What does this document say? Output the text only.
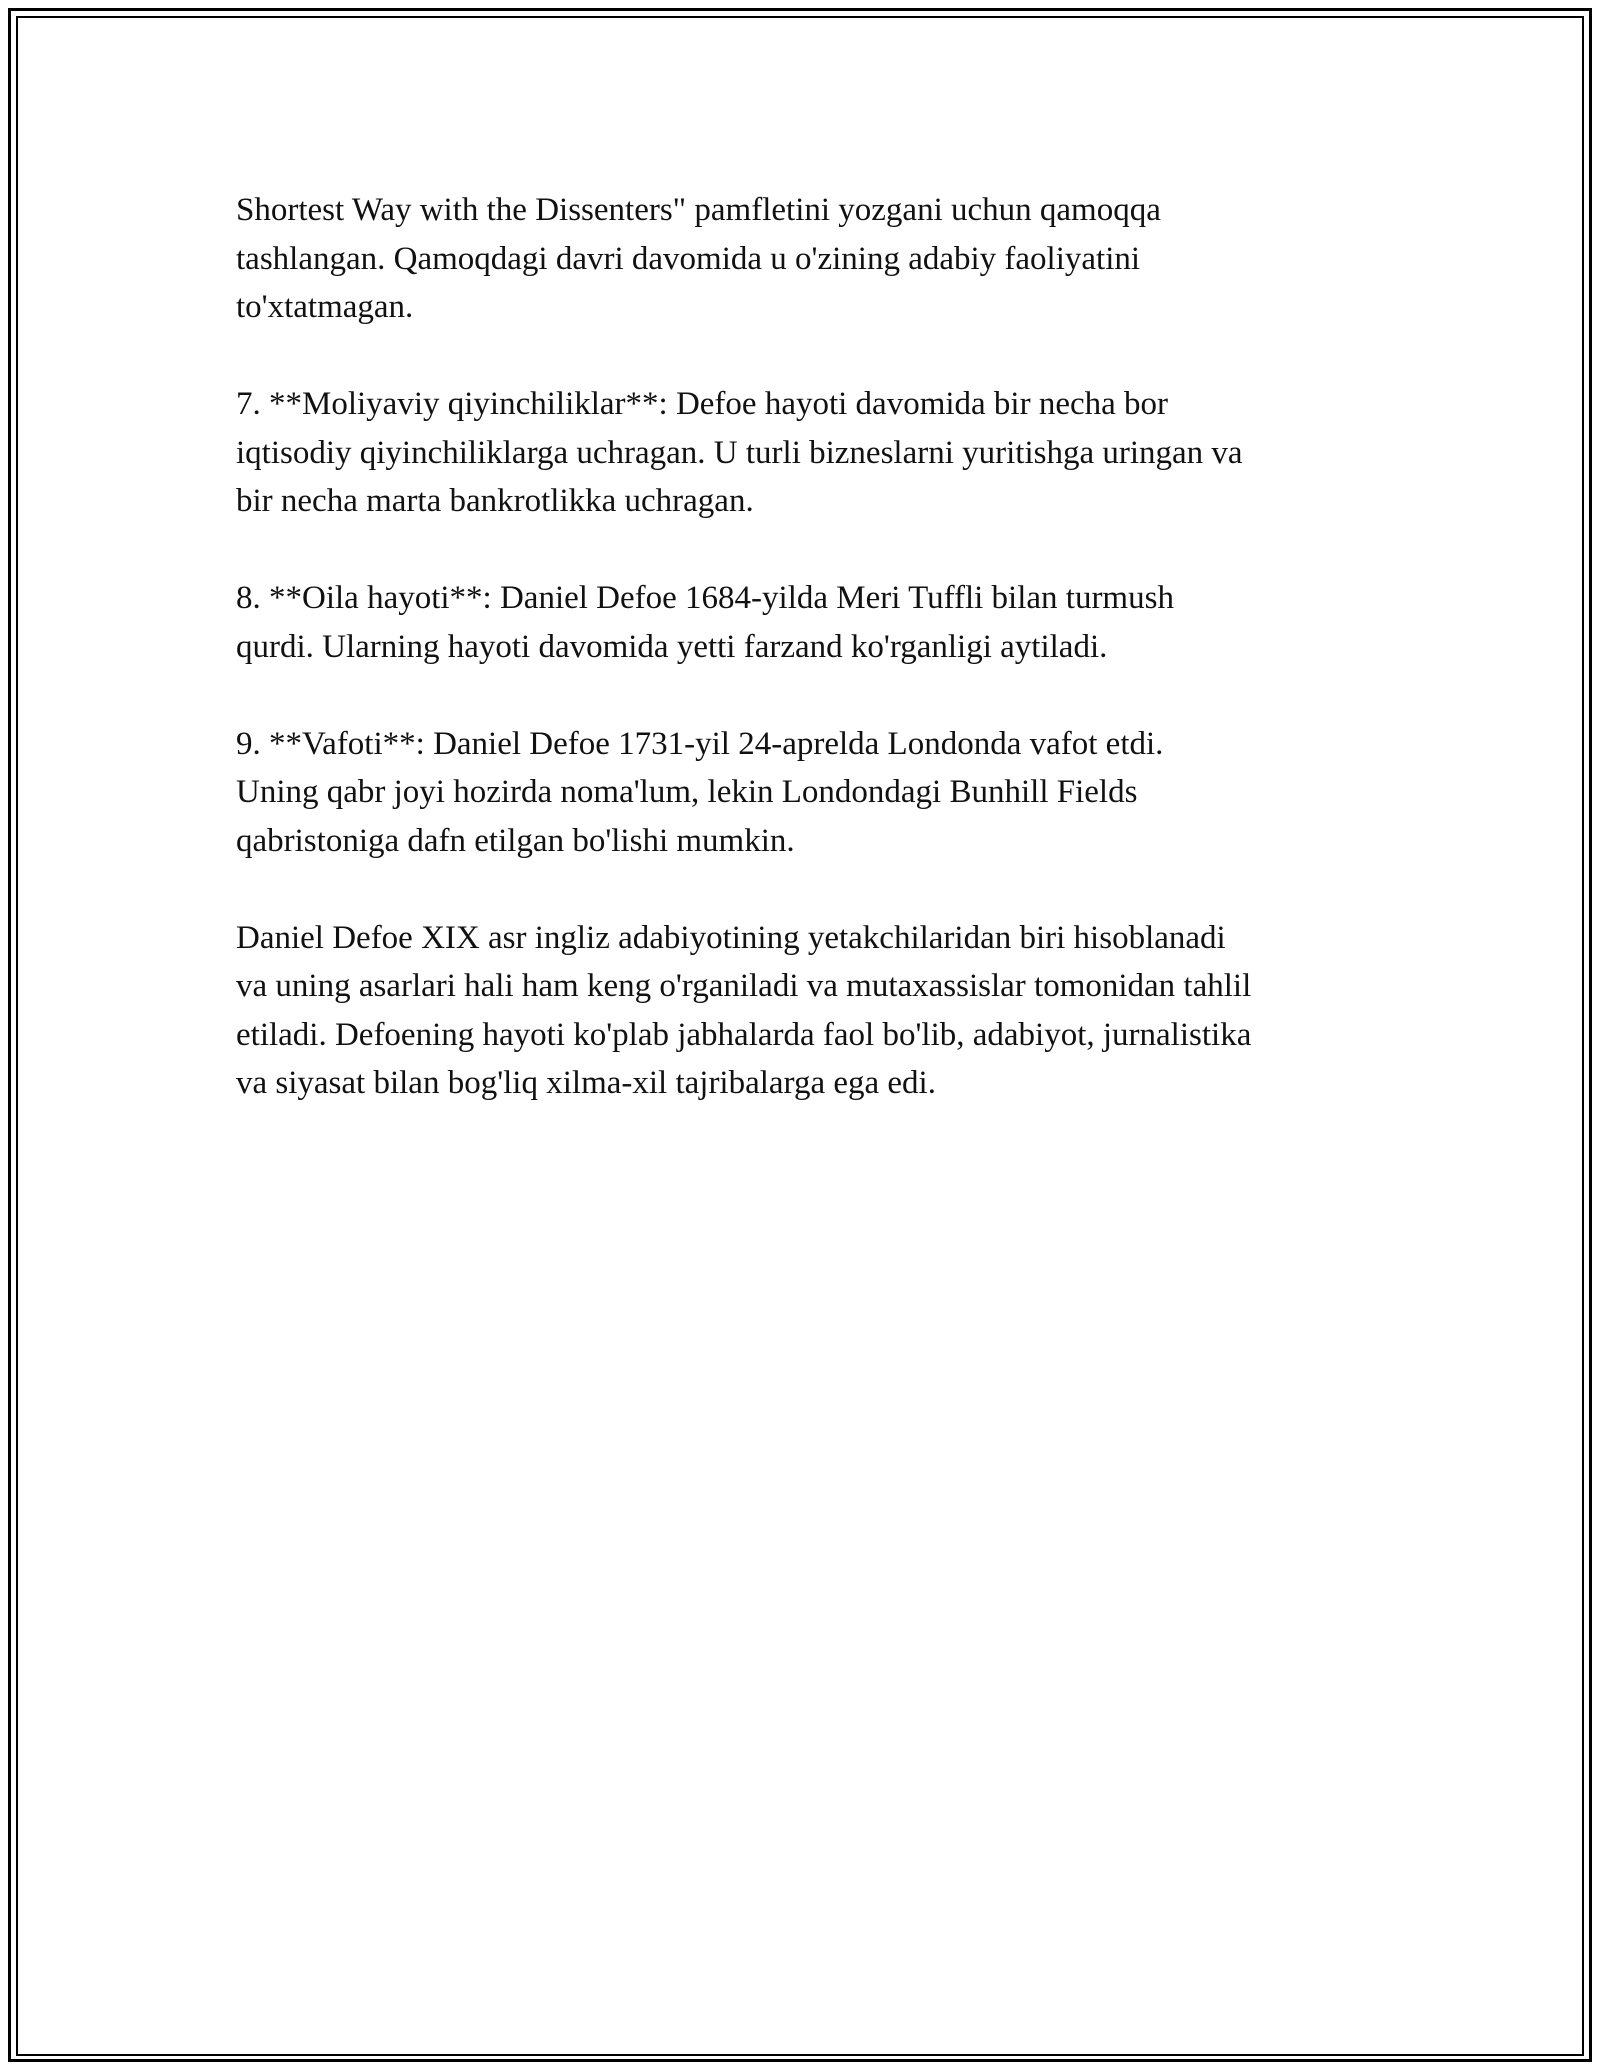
Shortest Way with the Dissenters" pamfletini yozgani uchun qamoqqa
tashlangan. Qamoqdagi davri davomida u o'zining adabiy faoliyatini
to'xtatmagan.

7. **Moliyaviy qiyinchiliklar**: Defoe hayoti davomida bir necha bor
iqtisodiy qiyinchiliklarga uchragan. U turli bizneslarni yuritishga uringan va
bir necha marta bankrotlikka uchragan.

8. **Oila hayoti**: Daniel Defoe 1684-yilda Meri Tuffli bilan turmush
qurdi. Ularning hayoti davomida yetti farzand ko'rganligi aytiladi.

9. **Vafoti**: Daniel Defoe 1731-yil 24-aprelda Londonda vafot etdi.
Uning qabr joyi hozirda noma'lum, lekin Londondagi Bunhill Fields
qabristoniga dafn etilgan bo'lishi mumkin.

Daniel Defoe XIX asr ingliz adabiyotining yetakchilaridan biri hisoblanadi
va uning asarlari hali ham keng o'rganiladi va mutaxassislar tomonidan tahlil
etiladi. Defoening hayoti ko'plab jabhalarda faol bo'lib, adabiyot, jurnalistika
va siyasat bilan bog'liq xilma-xil tajribalarga ega edi.
